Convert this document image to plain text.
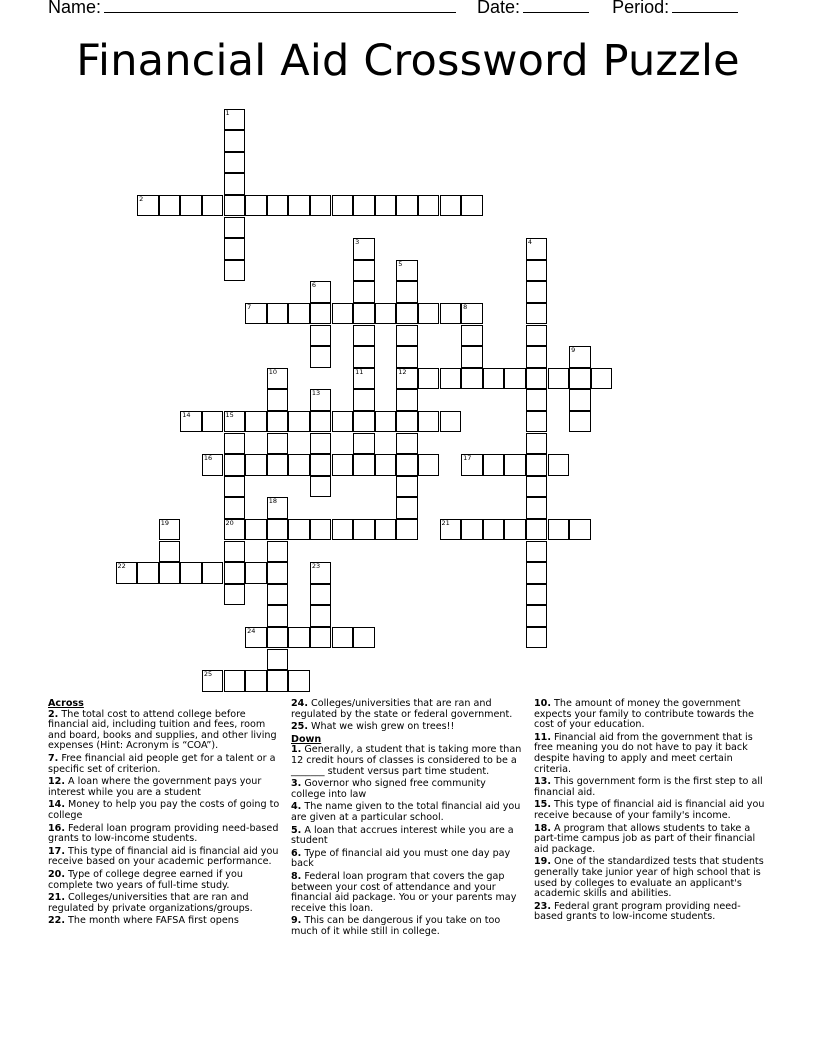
Name:	Date:	Period:
Financial Aid Crossword Puzzle
1
2
3
11
4
5
12
6
7	8
9
10
13
14	15
20
16	17
18
19	21
22	23
24
25
Across
2. The total cost to attend college before financial aid, including tuition and fees, room and board, books and supplies, and other living expenses (Hint: Acronym is “COA”).
7. Free financial aid people get for a talent or a specific set of criterion.
12. A loan where the government pays your interest while you are a student
14. Money to help you pay the costs of going to college
16. Federal loan program providing need-based grants to low-income students.
17. This type of financial aid is financial aid you receive based on your academic performance.
20. Type of college degree earned if you complete two years of full-time study.
21. Colleges/universities that are ran and regulated by private organizations/groups.
22. The month where FAFSA first opens
24. Colleges/universities that are ran and regulated by the state or federal government.
25. What we wish grew on trees!!
Down
1. Generally, a student that is taking more than 12 credit hours of classes is considered to be a _______ student versus part time student.
3. Governor who signed free community college into law
4. The name given to the total financial aid you are given at a particular school.
5. A loan that accrues interest while you are a student
6. Type of financial aid you must one day pay back
8. Federal loan program that covers the gap between your cost of attendance and your financial aid package. You or your parents may receive this loan.
9. This can be dangerous if you take on too much of it while still in college.
10. The amount of money the government expects your family to contribute towards the cost of your education.
11. Financial aid from the government that is free meaning you do not have to pay it back despite having to apply and meet certain criteria.
13. This government form is the first step to all financial aid.
15. This type of financial aid is financial aid you receive because of your family's income.
18. A program that allows students to take a part-time campus job as part of their financial aid package.
19. One of the standardized tests that students generally take junior year of high school that is used by colleges to evaluate an applicant's academic skills and abilities.
23. Federal grant program providing need-based grants to low-income students.
